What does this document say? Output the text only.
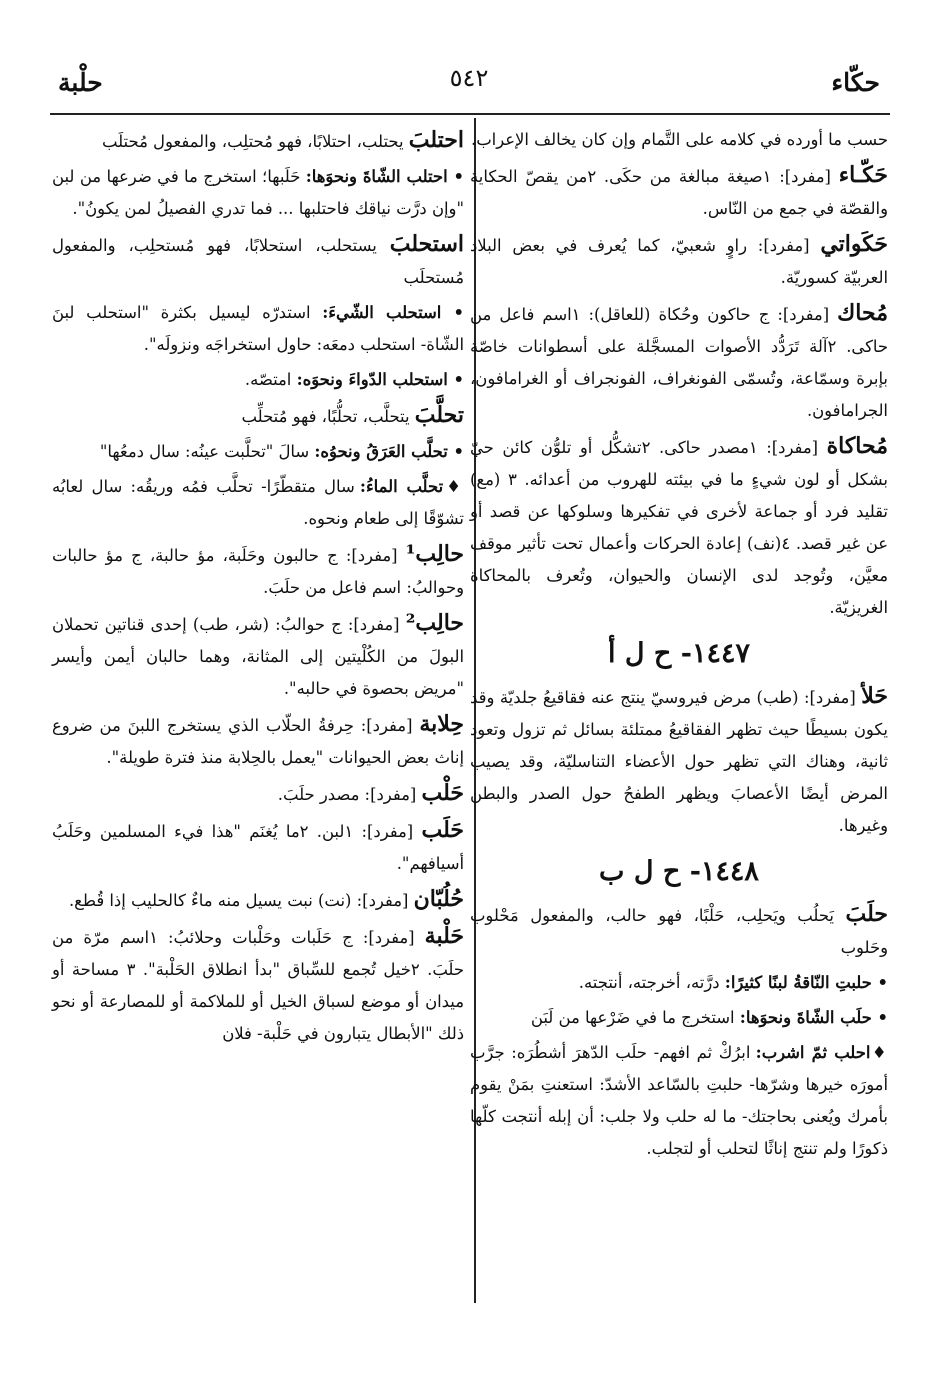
حكّاء
٥٤٢
حلْبة
حسب ما أورده في كلامه على التَّمام وإن كان يخالف الإعراب.
حَكّـاء [مفرد]: ١صيغة مبالغة من حكَى. ٢من يقصّ الحكاية والقصّة في جمع من النّاس.
حَكَواتي [مفرد]: راوٍ شعبيّ، كما يُعرف في بعض البلاد العربيّة كسوريّة.
مُحاك [مفرد]: ج حاكون وحُكاة (للعاقل): ١اسم فاعل من حاكى. ٢آلة تَرَدُّد الأصوات المسجَّلة على أسطوانات خاصّة بإبرة وسمّاعة، وتُسمّى الفونغراف، الفونجراف أو الغرامافون، الجرامافون.
مُحاكاة [مفرد]: ١مصدر حاكى. ٢تشكُّل أو تلوُّن كائن حيّ بشكل أو لون شيءٍ ما في بيئته للهروب من أعدائه. ٣ (مع) تقليد فرد أو جماعة لأخرى في تفكيرها وسلوكها عن قصد أو عن غير قصد. ٤(نف) إعادة الحركات وأعمال تحت تأثير موقف معيَّن، وتُوجد لدى الإنسان والحيوان، وتُعرف بالمحاكاة الغريزيّة.
١٤٤٧- ح ل أ
حَلأ [مفرد]: (طب) مرض فيروسيّ ينتج عنه فقاقيعُ جلديّة وقد يكون بسيطًا حيث تظهر الفقاقيعُ ممتلئة بسائل ثم تزول وتعود ثانية، وهناك التي تظهر حول الأعضاء التناسليّة، وقد يصيب المرض أيضًا الأعصابَ ويظهر الطفحُ حول الصدر والبطن وغيرها.
١٤٤٨- ح ل ب
حلَبَ يَحلُب ويَحلِب، حَلْبًا، فهو حالب، والمفعول مَحْلوب وحَلوب
• حلبتِ النّاقةُ لبنًا كثيرًا: درَّته، أخرجته، أنتجته.
• حلَب الشّاةَ ونحوَها: استخرج ما في ضَرْعها من لَبَن
♦احلب ثمّ اشرب: ابرُكْ ثم افهم- حلَب الدّهرَ أشطُرَه: جرَّب أمورَه خيرها وشرّها- حلبتِ بالسّاعد الأشدّ: استعنتِ بمَنْ يقوم بأمرك ويُعنى بحاجتك- ما له حلب ولا جلب: أن إبله أنتجت كلّها ذكورًا ولم تنتج إناثًا لتحلب أو لتجلب.
احتلبَ يحتلب، احتلابًا، فهو مُحتلِب، والمفعول مُحتلَب
• احتلب الشّاةَ ونحوَها: حَلَبها؛ استخرج ما في ضرعها من لبن "وإن درَّت نياقك فاحتلبها ... فما تدري الفصيلُ لمن يكونُ".
استحلبَ يستحلب، استحلابًا، فهو مُستحلِب، والمفعول مُستحلَب
• استحلب الشّيءَ: استدرّه ليسيل بكثرة "استحلب لبنَ الشّاة- استحلب دمعَه: حاول استخراجَه ونزولَه".
• استحلب الدّواءَ ونحوَه: امتصّه.
تحلَّبَ يتحلَّب، تحلُّبًا، فهو مُتحلِّب
• تحلَّب العَرَقُ ونحوُه: سالَ "تحلَّبت عينُه: سال دمعُها"
♦تحلَّب الماءُ: سال متقطّرًا- تحلَّب فمُه وريقُه: سال لعابُه تشوّقًا إلى طعام ونحوه.
حالِب¹ [مفرد]: ج حالبون وحَلَبة، مؤ حالبة، ج مؤ حالبات وحوالبُ: اسم فاعل من حلَبَ.
حالِب² [مفرد]: ج حوالبُ: (شر، طب) إحدى قناتين تحملان البولَ من الكُلْيتين إلى المثانة، وهما حالبان أيمن وأيسر "مريض بحصوة في حالبه".
حِلابة [مفرد]: حِرفةُ الحلّاب الذي يستخرج اللبنَ من ضروع إناث بعض الحيوانات "يعمل بالحِلابة منذ فترة طويلة".
حَلْب [مفرد]: مصدر حلَبَ.
حَلَب [مفرد]: ١لبن. ٢ما يُغنَم "هذا فيء المسلمين وحَلَبُ أسيافهم".
حُلُبّان [مفرد]: (نت) نبت يسيل منه ماءٌ كالحليب إذا قُطع.
حَلْبة [مفرد]: ج حَلَبات وحَلْبات وحلائبُ: ١اسم مرّة من حلَبَ. ٢خيل تُجمع للسِّباق "بدأ انطلاق الحَلْبة". ٣ مساحة أو ميدان أو موضع لسباق الخيل أو للملاكمة أو للمصارعة أو نحو ذلك "الأبطال يتبارون في حَلْبة- فلان
